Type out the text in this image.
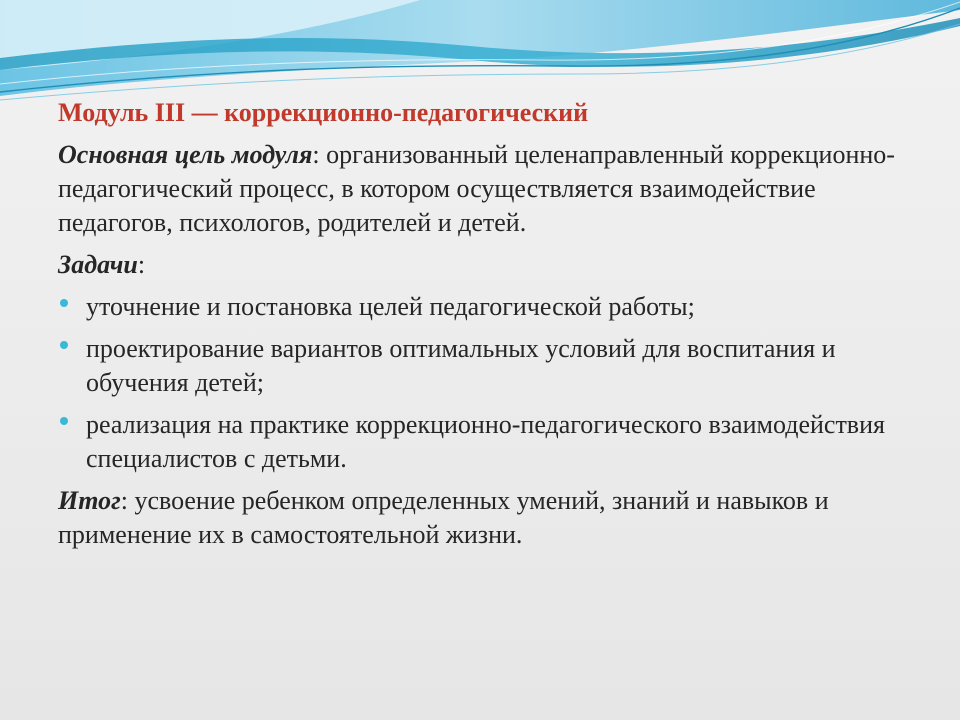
Модуль III — коррекционно-педагогический
Основная цель модуля: организованный целенаправленный коррекционно-педагогический процесс, в котором осуществляется взаимодействие педагогов, психологов, родителей и детей.
Задачи:
уточнение и постановка целей педагогической работы;
проектирование вариантов оптимальных условий для воспитания и обучения детей;
реализация на практике коррекционно-педагогического взаимодействия специалистов с детьми.
Итог: усвоение ребенком определенных умений, знаний и навыков и применение их в самостоятельной жизни.
